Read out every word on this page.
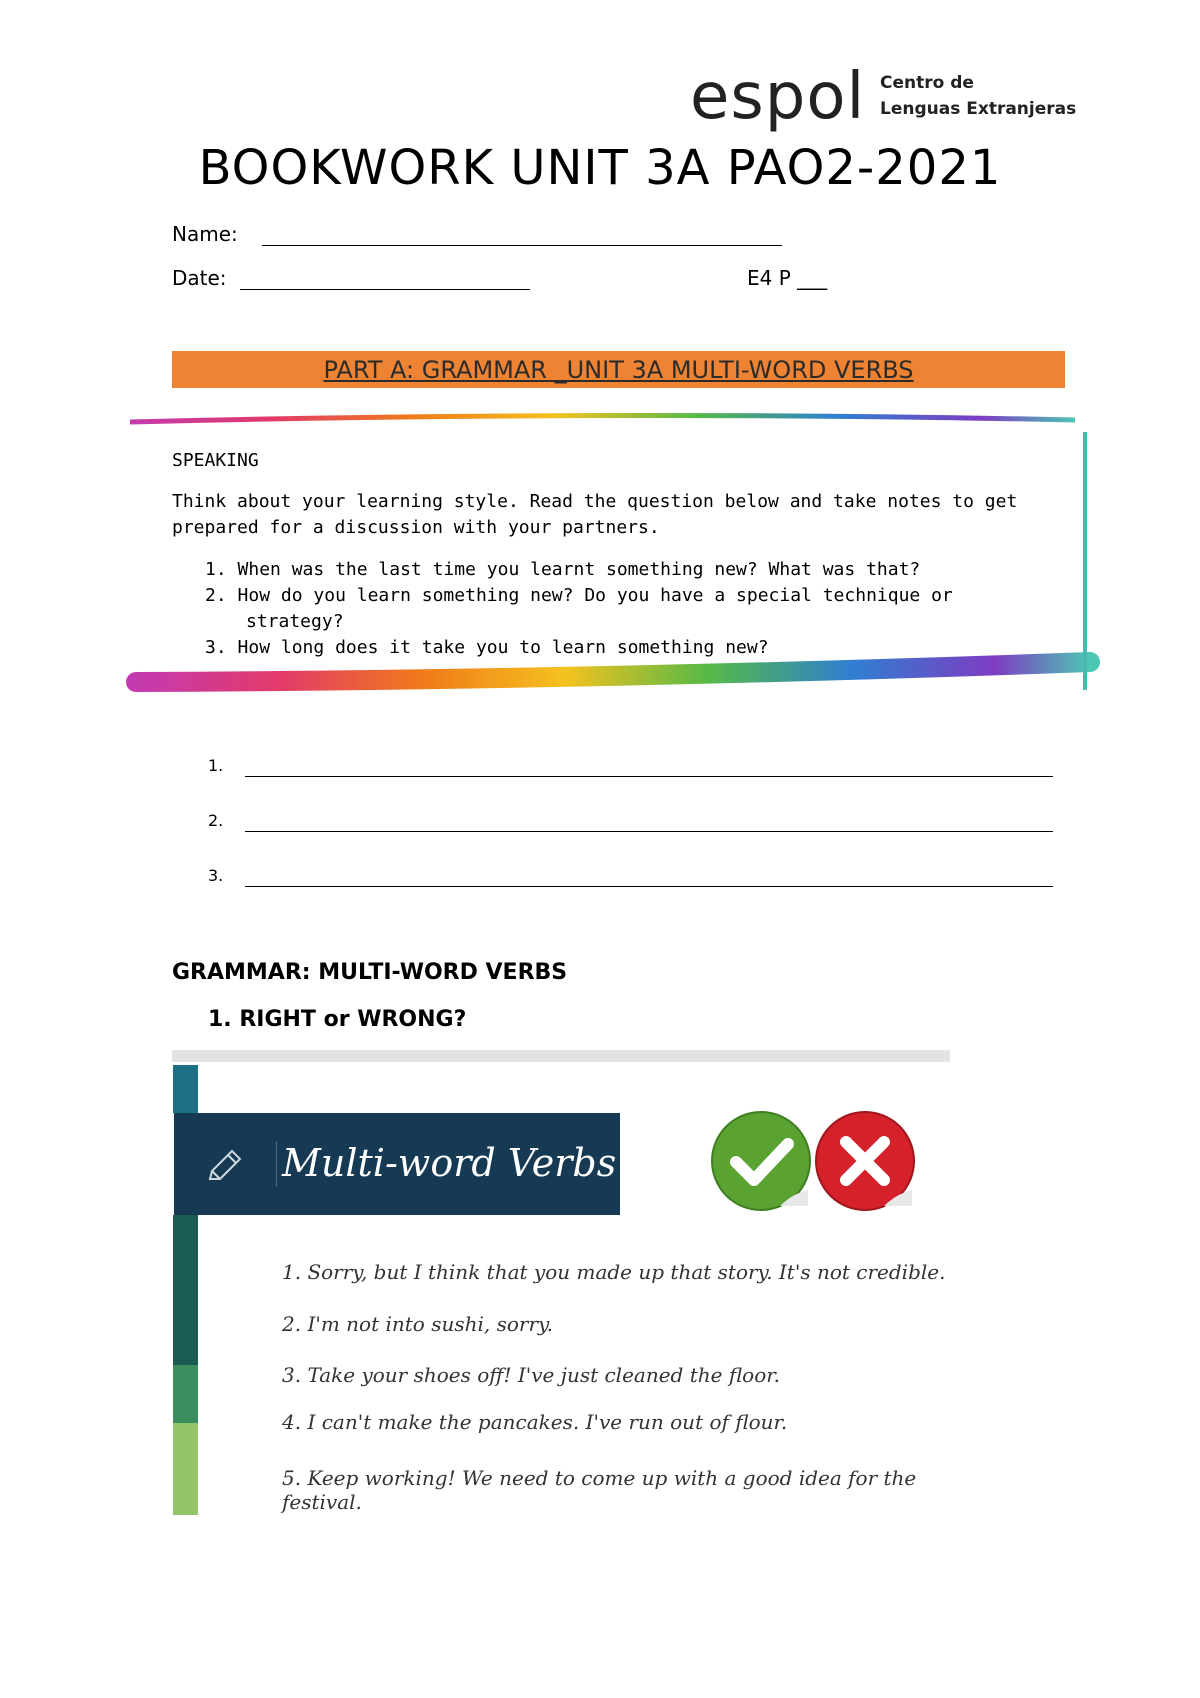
espol Centro de
Lenguas Extranjeras
BOOKWORK UNIT 3A PAO2-2021
Name:
Date:	E4 P ___
PART A: GRAMMAR _UNIT 3A MULTI-WORD VERBS
SPEAKING
Think about your learning style. Read the question below and take notes to get
prepared for a discussion with your partners.
1. When was the last time you learnt something new? What was that?
2. How do you learn something new? Do you have a special technique or
strategy?
3. How long does it take you to learn something new?
1.
2.
3.
GRAMMAR: MULTI-WORD VERBS
1. RIGHT or WRONG?
Multi-word Verbs
1. Sorry, but I think that you made up that story. It's not credible.
2. I'm not into sushi, sorry.
3. Take your shoes off! I've just cleaned the floor.
4. I can't make the pancakes. I've run out of flour.
5. Keep working! We need to come up with a good idea for the festival.
